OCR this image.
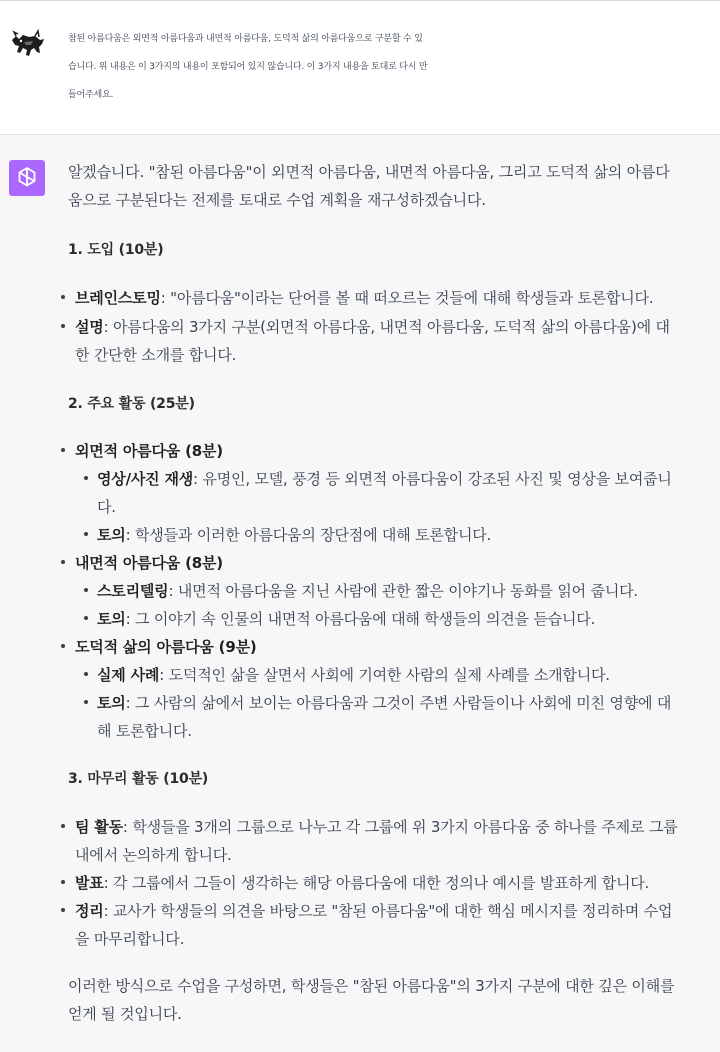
참된 아름다움은 외면적 아름다움과 내면적 아름다움, 도덕적 삶의 아름다움으로 구분할 수 있
습니다. 위 내용은 이 3가지의 내용이 포함되어 있지 않습니다. 이 3가지 내용을 토대로 다시 만
들어주세요.
알겠습니다. "참된 아름다움"이 외면적 아름다움, 내면적 아름다움, 그리고 도덕적 삶의 아름다
움으로 구분된다는 전제를 토대로 수업 계획을 재구성하겠습니다.
1. 도입 (10분)
브레인스토밍: "아름다움"이라는 단어를 볼 때 떠오르는 것들에 대해 학생들과 토론합니다.
설명: 아름다움의 3가지 구분(외면적 아름다움, 내면적 아름다움, 도덕적 삶의 아름다움)에 대
한 간단한 소개를 합니다.
2. 주요 활동 (25분)
외면적 아름다움 (8분)
영상/사진 재생: 유명인, 모델, 풍경 등 외면적 아름다움이 강조된 사진 및 영상을 보여줍니
다.
토의: 학생들과 이러한 아름다움의 장단점에 대해 토론합니다.
내면적 아름다움 (8분)
스토리텔링: 내면적 아름다움을 지닌 사람에 관한 짧은 이야기나 동화를 읽어 줍니다.
토의: 그 이야기 속 인물의 내면적 아름다움에 대해 학생들의 의견을 듣습니다.
도덕적 삶의 아름다움 (9분)
실제 사례: 도덕적인 삶을 살면서 사회에 기여한 사람의 실제 사례를 소개합니다.
토의: 그 사람의 삶에서 보이는 아름다움과 그것이 주변 사람들이나 사회에 미친 영향에 대
해 토론합니다.
3. 마무리 활동 (10분)
팀 활동: 학생들을 3개의 그룹으로 나누고 각 그룹에 위 3가지 아름다움 중 하나를 주제로 그룹
내에서 논의하게 합니다.
발표: 각 그룹에서 그들이 생각하는 해당 아름다움에 대한 정의나 예시를 발표하게 합니다.
정리: 교사가 학생들의 의견을 바탕으로 "참된 아름다움"에 대한 핵심 메시지를 정리하며 수업
을 마무리합니다.
이러한 방식으로 수업을 구성하면, 학생들은 "참된 아름다움"의 3가지 구분에 대한 깊은 이해를
얻게 될 것입니다.
